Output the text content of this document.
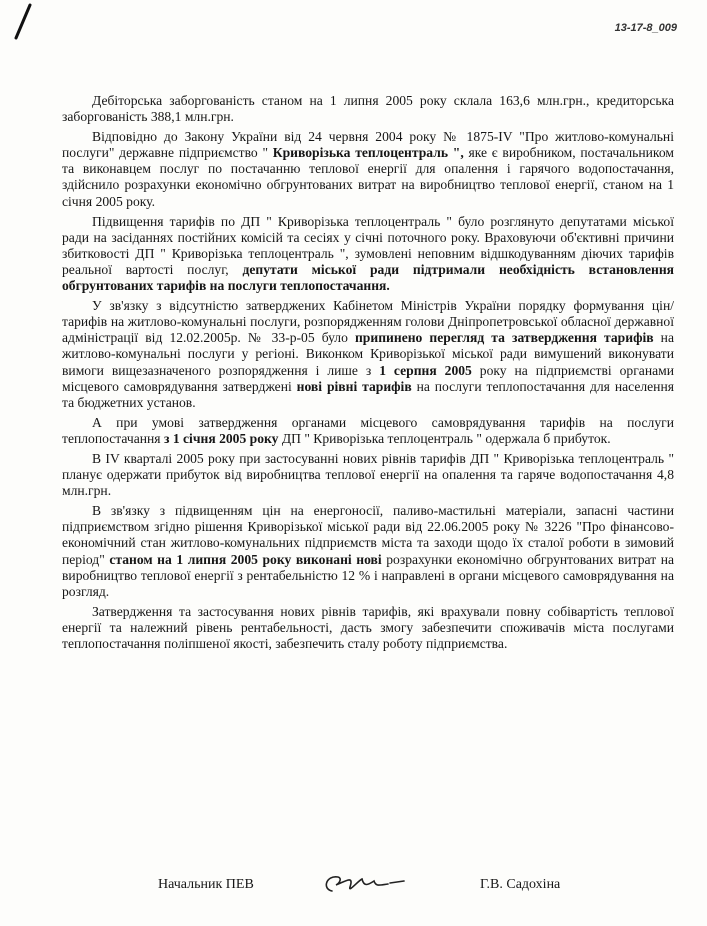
13-17-8_009

Дебіторська заборгованість станом на 1 липня 2005 року склала 163,6 млн.грн., кредиторська заборгованість 388,1 млн.грн.

Відповідно до Закону України від 24 червня 2004 року № 1875-IV "Про житлово-комунальні послуги" державне підприємство " Криворізька теплоцентраль ", яке є виробником, постачальником та виконавцем послуг по постачанню теплової енергії для опалення і гарячого водопостачання, здійснило розрахунки економічно обгрунтованих витрат на виробництво теплової енергії, станом на 1 січня 2005 року.

Підвищення тарифів по ДП " Криворізька теплоцентраль " було розглянуто депутатами міської ради на засіданнях постійних комісій та сесіях у січні поточного року. Враховуючи об'єктивні причини збитковості ДП " Криворізька теплоцентраль ", зумовлені неповним відшкодуванням діючих тарифів реальної вартості послуг, депутати міської ради підтримали необхідність встановлення обгрунтованих тарифів на послуги теплопостачання.

У зв'язку з відсутністю затверджених Кабінетом Міністрів України порядку формування цін/тарифів на житлово-комунальні послуги, розпорядженням голови Дніпропетровської обласної державної адміністрації від 12.02.2005р. № 33-р-05 було припинено перегляд та затвердження тарифів на житлово-комунальні послуги у регіоні. Виконком Криворізької міської ради вимушений виконувати вимоги вищезазначеного розпорядження і лише з 1 серпня 2005 року на підприємстві органами місцевого самоврядування затверджені нові рівні тарифів на послуги теплопостачання для населення та бюджетних установ.

А при умові затвердження органами місцевого самоврядування тарифів на послуги теплопостачання з 1 січня 2005 року ДП " Криворізька теплоцентраль " одержала б прибуток.

В IV кварталі 2005 року при застосуванні нових рівнів тарифів ДП " Криворізька теплоцентраль " планує одержати прибуток від виробництва теплової енергії на опалення та гаряче водопостачання 4,8 млн.грн.

В зв'язку з підвищенням цін на енергоносії, паливо-мастильні матеріали, запасні частини підприємством згідно рішення Криворізької міської ради від 22.06.2005 року № 3226 "Про фінансово-економічний стан житлово-комунальних підприємств міста та заходи щодо їх сталої роботи в зимовий період" станом на 1 липня 2005 року виконані нові розрахунки економічно обгрунтованих витрат на виробництво теплової енергії з рентабельністю 12 % і направлені в органи місцевого самоврядування на розгляд.

Затвердження та застосування нових рівнів тарифів, які врахували повну собівартість теплової енергії та належний рівень рентабельності, дасть змогу забезпечити споживачів міста послугами теплопостачання поліпшеної якості, забезпечить сталу роботу підприємства.

Начальник ПЕВ	Г.В. Садохіна
